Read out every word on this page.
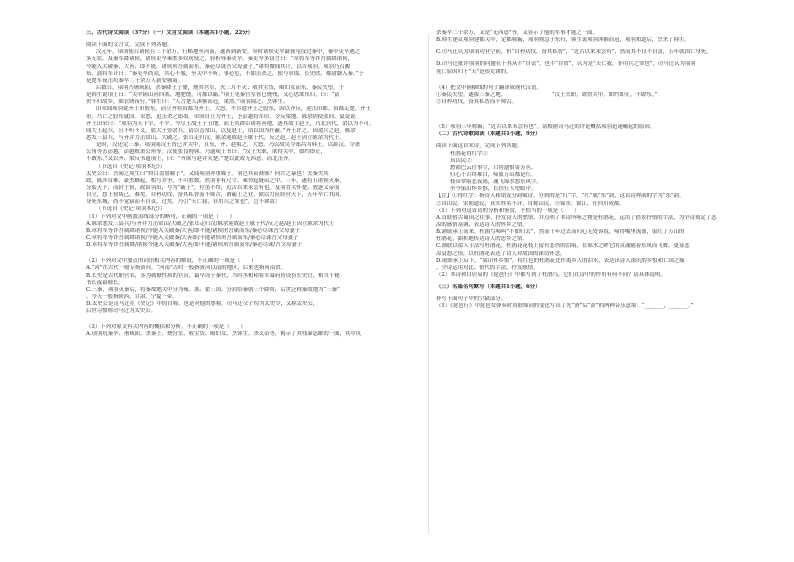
三、古代诗文阅读（37分）（一）文言文阅读（本题共1小题，22分）
阅读下面的文言文，完成下列各题。
汉元年，项羽使召诸侯兵三十余万，行略地至河南，遂西到新安。异时诸侯吏卒繇使屯戍过秦中，秦中吏卒遇之
多无状，及秦军降诸侯，诸侯吏卒乘胜多奴虏使之，轻折辱秦吏卒。秦吏卒多窃言曰：“章将军等诈吾属降诸侯，
今能入关破秦，大善；即不能，诸侯虏吾属而东，秦必尽诛吾父母妻子。”诸将微闻其计，以告项羽。项羽乃召黥
布、蒲将军计曰：“秦吏卒尚众，其心不服，至关中不听，事必危，不如击杀之，独与章邯、长史欣、都尉翳入秦。”于
是楚军夜击坑秦卒二十余万人新安城南。
后数日，项羽乃屠咸阳，杀秦降王子婴，烧其宫室，火三月不灭；收其宝货，略妇女而东。秦民失望。于
是韩生说项王曰：“关中阻山河四塞，地肥饶，可都以霸。”项王见秦宫室皆已烧残，又心思欲东归，曰：“富
贵不归故乡，如衣绣夜行。”韩生曰：“人言楚人沐猴而冠，果然。”项羽闻之，烹韩生。
田荣闻项羽徙齐王市胶东，而立齐将田都为齐王，大怒，不肯遣齐王之胶东，因以齐反，迎击田都。田都走楚。齐王
市，乃亡之胶东就国。荣怒，追击杀之即墨。荣因自立为齐王，予彭越将军印，令反梁地。陈余阴使张同、夏说说
齐王田荣曰：“项羽为天下宰，不平。今尽王故王于丑地，而王其群臣诸将善地，逐其故主赵王，乃北居代，余以为不可。
闻大王起兵，且不听不义，愿大王资余兵，请以击常山，以复赵王，请以国为扞蔽。”齐王许之，因遣兵之赵。陈余
悉发三县兵，与齐并力击常山，大破之。张耳走归汉。陈余迎故赵王歇于代，反之赵。赵王因立陈余为代王。
是时，汉还定三秦。项羽闻汉王皆已并关中，且东，齐、赵叛之，大怒。乃以故吴令郑昌为韩王，以距汉。令萧
公角等击彭越。彭越败萧公角等。汉使张良徇韩，乃遗项王书曰：“汉王失职，欲得关中，如约即止，
不敢东。”又以齐、梁反书遗项王，曰：“齐欲与赵并灭楚。”楚以此故无西意，而北击齐。
（节选自《史记·项羽本纪》）
太史公曰：吾闻之周生曰“舜目盖重瞳子”，又闻项羽亦重瞳子。羽岂其苗裔邪？何兴之暴也！夫秦失其
政，陈涉首难，豪杰蜂起，相与并争，不可胜数。然羽非有尺寸，乘势起陇亩之中，三年，遂将五诸侯灭秦，
分裂天下，而封王侯，政由羽出，号为“霸王”，位虽不终，近古以来未尝有也。及羽背关怀楚，放逐义帝而
自立，怨王侯叛己，难矣。自矜功伐，奋其私智而不师古，谓霸王之业，欲以力征经营天下，五年卒亡其国，
身死东城，尚不觉寤而不自责，过矣。乃引“天亡我，非用兵之罪也”，岂不谬哉！
（节选自《史记·项羽本纪》）
（1）下列对文中画波浪线部分的断句，正确的一项是（　　）
A.陈余悉发三县兵/与齐并力击常山/大破之/张耳走归汉/陈余迎故赵王歇于代/反之赵/赵王因立陈余为代王
B.章将军等诈吾属降诸侯/今能入关破秦/大善/即不能/诸侯虏吾属而东/秦必尽诛吾父母妻子
C.章将军等诈吾属降诸侯/今能入关破秦/大善即/不能诸侯虏吾属而东/秦必尽诛吾父母妻子
D.章将军等诈吾属降/诸侯今能入关破秦/大善/即不能/诸侯虏吾属而东/秦必尽诛/吾父母妻子
（2）下列对文中加点的词语相关内容的解说，不正确的一项是（　　）
A.“河”在古代一般专指黄河。“河南”古时一般指黄河以南的地区，后来也指河南省。
B.长史是古代职官名，多为属僚性质的官员。最早设于秦代，当时丞相和将军幕府皆设有长史官，相当于秘
书长或幕僚长。
C.三秦，项羽灭秦后，将秦故地关中分为雍、塞、翟三国，分封给秦朝三个降将，后世泛称秦故地为“三秦”
。今天一般指陕西、甘肃、宁夏一带。
D.太史公是司马迁在《史记》中的自称，也是对他的尊称。司马迁父子均为太史令，又称太史公，
后世习惯称司马迁为太史公。
（3）下列对原文有关内容的概括和分析，不正确的一项是（　　）
A.项羽坑秦卒、屠咸阳、杀秦王、烧宫室、收宝货、略妇女、烹韩生、杀义帝等，揭示了其残暴恣睢的一面，其中坑
杀秦卒二十余万，又是“无西意”等，又显示了他的军事才能之一面。
B.韩生建议项羽建都关中，定都称霸，项羽则急于东归，韩生说项羽沐猴而冠，项羽知道后，烹杀了韩生。
C.司马迁认为项羽功业空前，但“自矜功伐，奋其私智”，“近古以来未尝有”，然而其不仅不自责，五年就国亡身死。
D.司马迁批评项羽的问题在于其从不“自责”，也不“自省”，认为是“天亡我，非用兵之罪也”，司马迁认为项羽
死亡原因归于“天”是很荒谬的。
（4）把文中画横线的句子翻译成现代汉语。
①秦民失望。遂拔三秦之地。　　　　　　　　　“汉王失职，欲得关中，如约即止，不敢东。”
②自矜功伐，奋其私智而不师古。
（5）项羽三年称霸，“近古以来未尝有也”。请根据司马迁的评论概括项羽迅速崛起的原因。
（二）古代诗歌阅读（本题共1小题，9分）
阅读下面这首宋诗，完成下列各题。
杜鹃花得红字①
真山民②
愁锁巴云往事空，只将遗恨寄芳丛。
归心千古终难白，啼血万山都是红。
枝带翠痕悲夜雨，魂飞锦水怨东风③。
至今染出怀乡恨，长挂行人望眼中。
【注】①得红字：指诗人和朋友分韵赋诗，分到的是“红”字。“红”属“东”韵，这首诗押韵的字为“东”韵。
②真山民：宋朝遗民，真实姓名不详，自称山民。③锦水：锦江，在四川成都。
（1）下列对这首诗的分析和鉴赏，不恰当的一项是（　　）
A.首联借古蜀国之往事，抒发诗人的愁情，并点明了本诗所咏之物是杜鹃花，运用了借景抒情的手法，为全诗奠定了悲
凉的感情基调，表达诗人的怀乡之情。
B.颔联承上而来，杜鹃鸟啼叫“不如归去”，然而千年过去而归心无处诉说，啼得嘴里流血，染红了万山的
杜鹃花，曲折地传达诗人的思乡之情。
C.颈联以拟人手法写杜鹃花，杜鹃花花枝上留有悲伤的泪痕，在锦水之畔它的灵魂随着东风而飞舞，更显悲
凉哀怨之情，以杜鹃花表达了诗人对故国的深切怀念。
D.尾联承上启下，“染出怀乡恨”，将红色的杜鹃花比作离乡人的泪水，表达出诗人深沉的乡恨和亡国之痛
。全诗运用对比、借代的手法，抒发感情。
（2）本诗和白居易的《琵琶行》中都写到了杜鹃鸟，它们在诗中的作用有何不同？请具体说明。
（三）名篇名句默写（本题共1小题，6分）
补写下面句子中的空缺部分。
（1）《琵琶行》中琵琶女弹奏时用联绵词的变化写出了先“滑”后“涩”的两种音乐意境：“_______，_______。”
